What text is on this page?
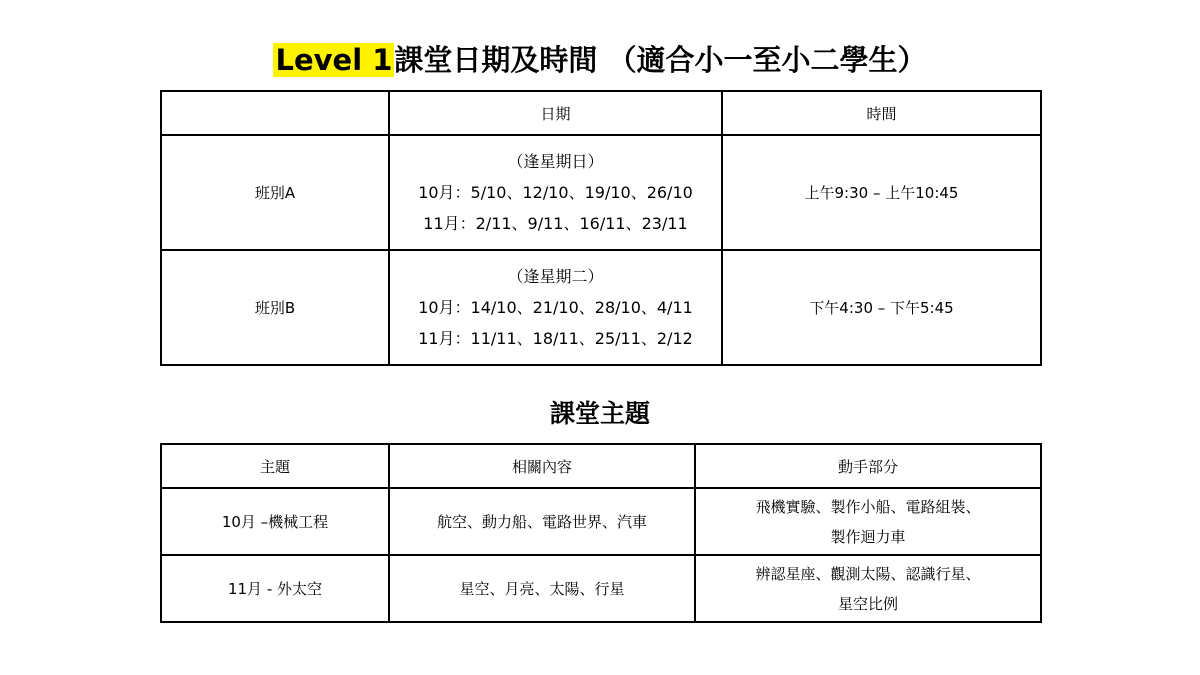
Level 1課堂日期及時間 （適合小一至小二學生）
	日期	時間
班別A	（逢星期日）
10月：5/10、12/10、19/10、26/10
11月：2/11、9/11、16/11、23/11	上午9:30 – 上午10:45
班別B	（逢星期二）
10月：14/10、21/10、28/10、4/11
11月：11/11、18/11、25/11、2/12	下午4:30 – 下午5:45
課堂主題
主題	相關內容	動手部分
10月 –機械工程	航空、動力船、電路世界、汽車	飛機實驗、製作小船、電路組裝、
製作迴力車

11月 - 外太空	星空、月亮、太陽、行星	辨認星座、觀測太陽、認識行星、
星空比例
